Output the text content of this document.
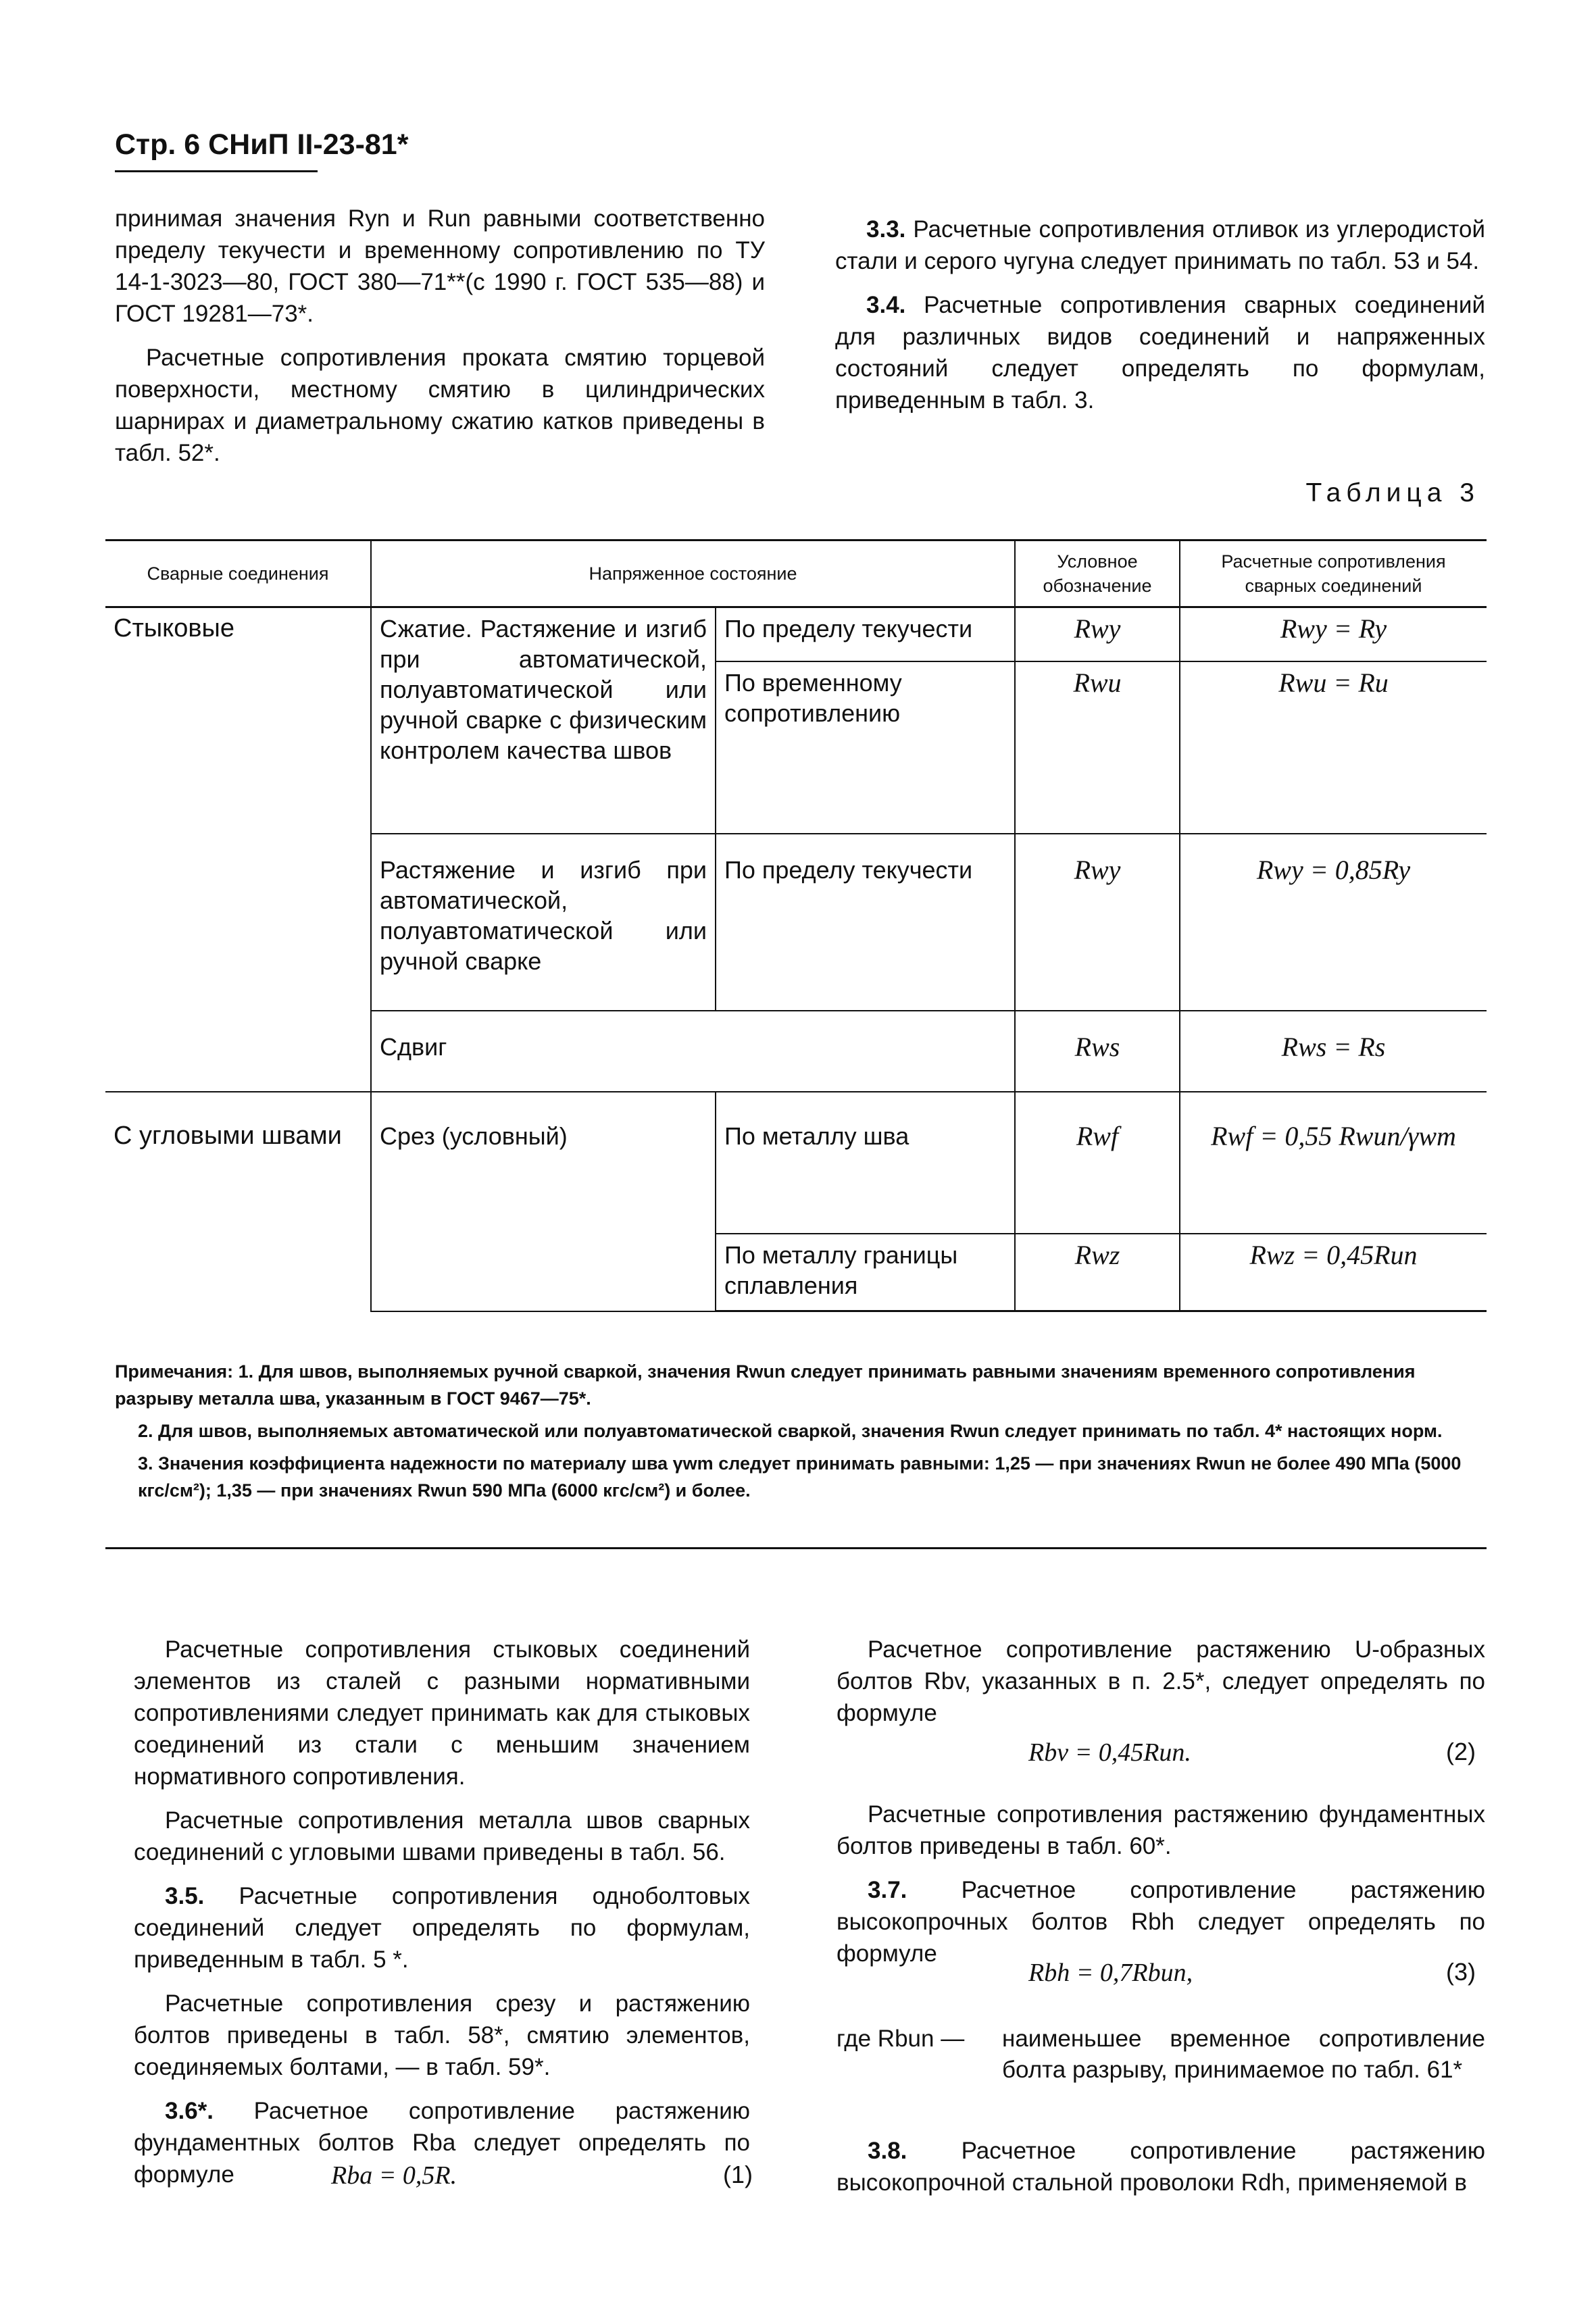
Стр. 6 СНиП II-23-81*

принимая значения Ryn и Run равными соответственно пределу текучести и временному сопротивлению по ТУ 14-1-3023—80, ГОСТ 380—71**(с 1990 г. ГОСТ 535—88) и ГОСТ 19281—73*.

Расчетные сопротивления проката смятию торцевой поверхности, местному смятию в цилиндрических шарнирах и диаметральному сжатию катков приведены в табл. 52*.

3.3. Расчетные сопротивления отливок из углеродистой стали и серого чугуна следует принимать по табл. 53 и 54.

3.4. Расчетные сопротивления сварных соединений для различных видов соединений и напряженных состояний следует определять по формулам, приведенным в табл. 3.

Таблица 3
Сварные соединения	Напряженное состояние		Условное обозначение	Расчетные сопротивления сварных соединений
Стыковые	Сжатие. Растяжение и изгиб при автоматической, полуавтоматической или ручной сварке с физическим контролем качества швов	По пределу текучести	Rwy	Rwy = Ry
		По временному сопротивлению	Rwu	Rwu = Ru
	Растяжение и изгиб при автоматической, полуавтоматической или ручной сварке	По пределу текучести	Rwy	Rwy = 0,85Ry
	Сдвиг		Rws	Rws = Rs
С угловыми швами	Срез (условный)	По металлу шва	Rwf	Rwf = 0,55 Rwun/γwm
		По металлу границы сплавления	Rwz	Rwz = 0,45Run

Примечания: 1. Для швов, выполняемых ручной сваркой, значения Rwun следует принимать равными значениям временного сопротивления разрыву металла шва, указанным в ГОСТ 9467—75*.

2. Для швов, выполняемых автоматической или полуавтоматической сваркой, значения Rwun следует принимать по табл. 4* настоящих норм.

3. Значения коэффициента надежности по материалу шва γwm следует принимать равными: 1,25 — при значениях Rwun не более 490 МПа (5000 кгс/см²); 1,35 — при значениях Rwun 590 МПа (6000 кгс/см²) и более.

Расчетные сопротивления стыковых соединений элементов из сталей с разными нормативными сопротивлениями следует принимать как для стыковых соединений из стали с меньшим значением нормативного сопротивления.

Расчетные сопротивления металла швов сварных соединений с угловыми швами приведены в табл. 56.

3.5. Расчетные сопротивления одноболтовых соединений следует определять по формулам, приведенным в табл. 5 *.

Расчетные сопротивления срезу и растяжению болтов приведены в табл. 58*, смятию элементов, соединяемых болтами, — в табл. 59*.

3.6*. Расчетное сопротивление растяжению фундаментных болтов Rba следует определять по формуле	Rba = 0,5R.	(1)

Расчетное сопротивление растяжению U-образных болтов Rbv, указанных в п. 2.5*, следует определять по формуле

Rbv = 0,45Run.	(2)

Расчетные сопротивления растяжению фундаментных болтов приведены в табл. 60*.

3.7. Расчетное сопротивление растяжению высокопрочных болтов Rbh следует определять по формуле

Rbh = 0,7Rbun,	(3)
где Rbun —	наименьшее временное сопротивление болта разрыву, принимаемое по табл. 61*

3.8. Расчетное сопротивление растяжению высокопрочной стальной проволоки Rdh, применяемой в
